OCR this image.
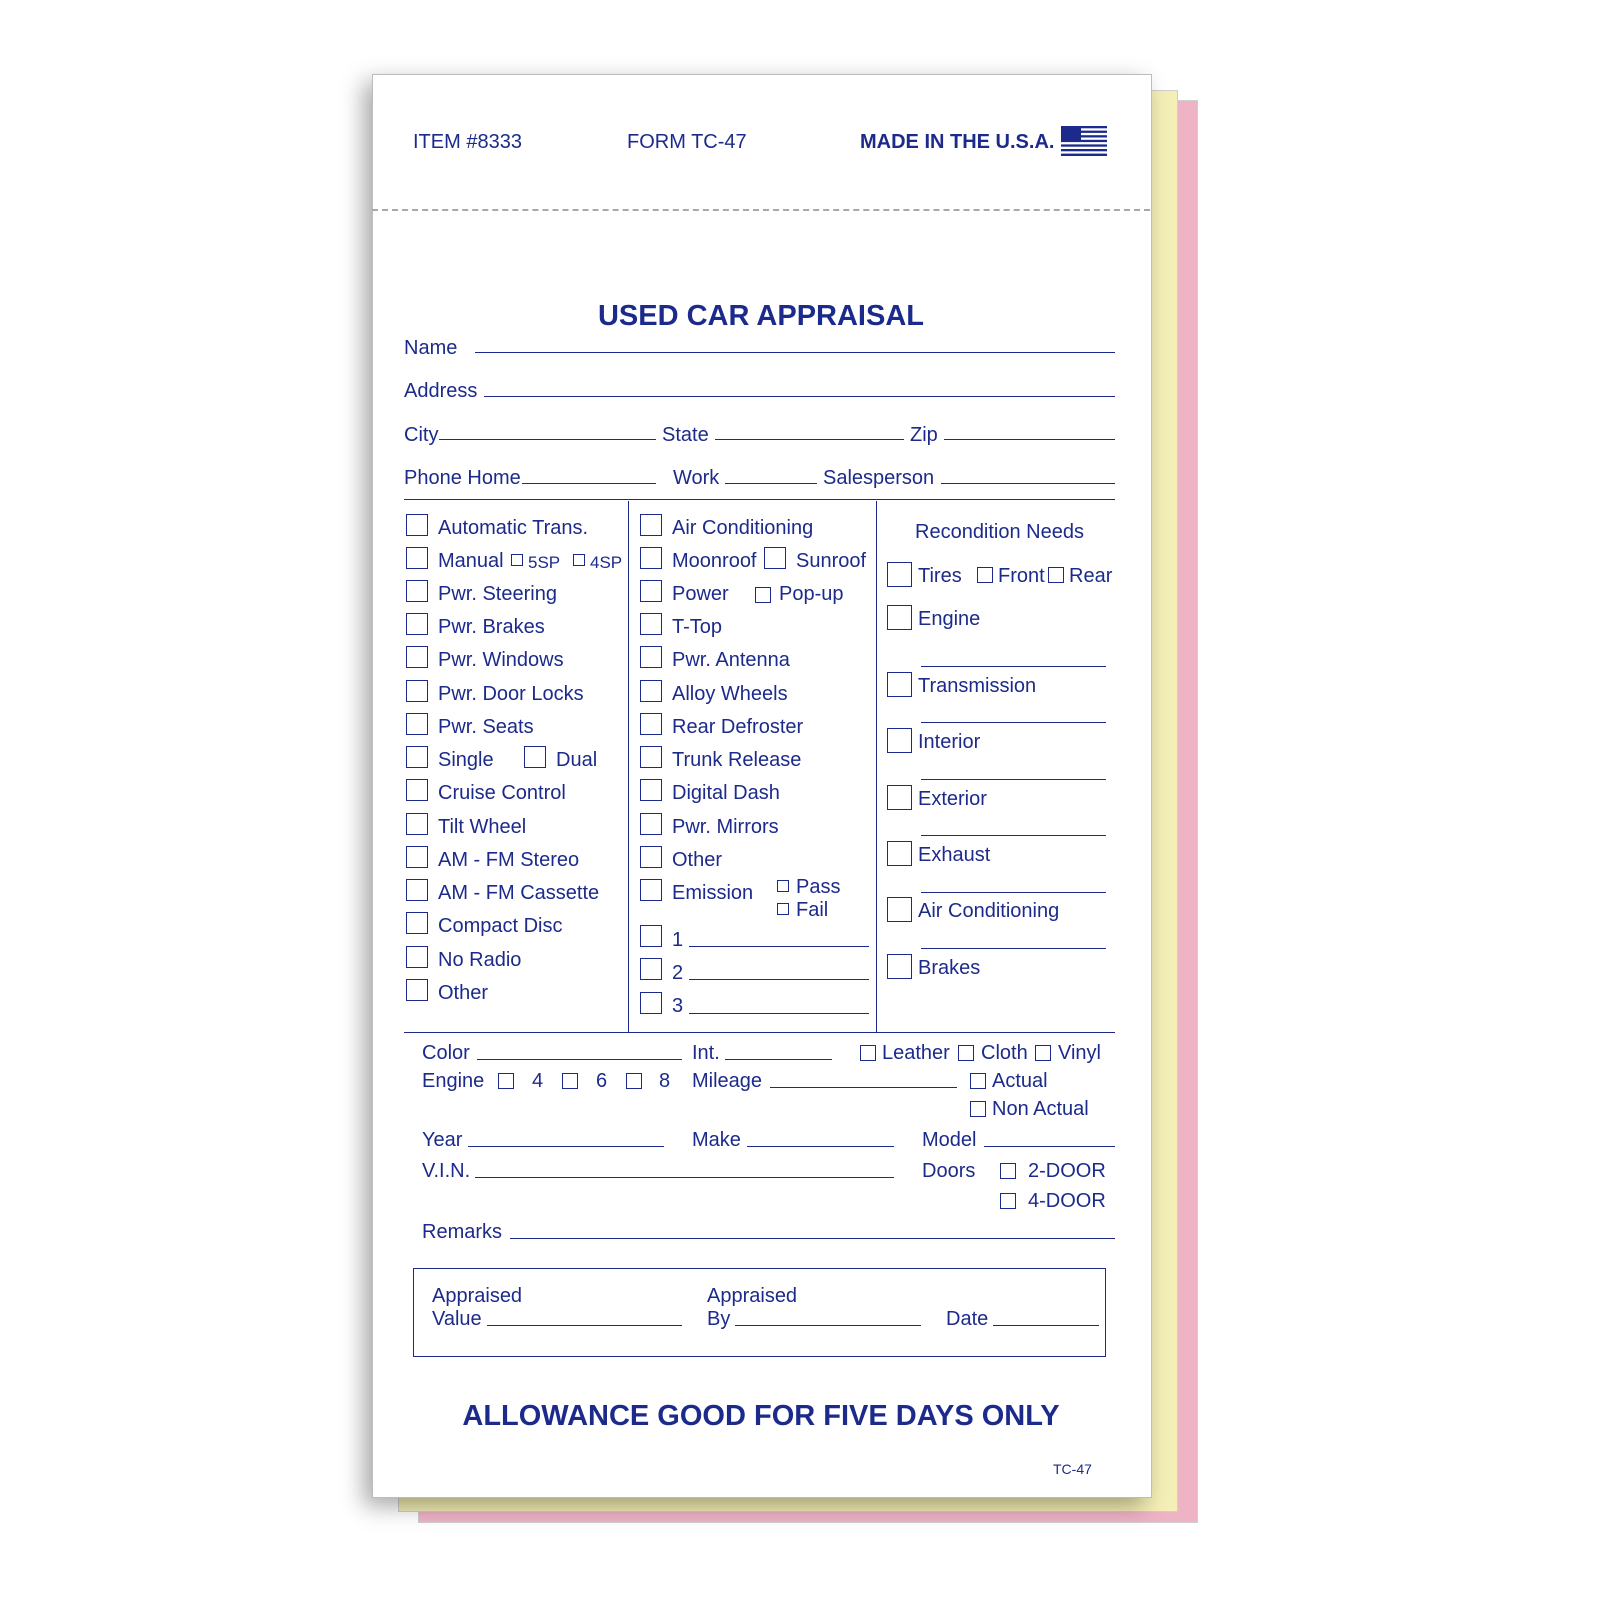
ITEM #8333	FORM TC-47	MADE IN THE U.S.A.
USED CAR APPRAISAL
Name
Address
City	State	Zip
Phone Home	Work	Salesperson
Automatic Trans.
Manual 5SP 4SP
Pwr. Steering
Pwr. Brakes
Pwr. Windows
Pwr. Door Locks
Pwr. Seats
Single	Dual
Cruise Control
Tilt Wheel
AM - FM Stereo
AM - FM Cassette
Compact Disc
No Radio
Other
Air Conditioning
Moonroof Sunroof
Power	Pop-up
T-Top
Pwr. Antenna
Alloy Wheels
Rear Defroster
Trunk Release
Digital Dash
Pwr. Mirrors
Other
Emission Pass
Fail
1
2
3
Recondition Needs
Tires Front Rear
Engine
Transmission
Interior
Exterior
Exhaust
Air Conditioning
Brakes
Color	Int.	Leather Cloth Vinyl
Engine 4	6	8 Mileage	Actual
Non Actual
Year	Make	Model
V.I.N.	Doors	2-DOOR
4-DOOR
Remarks
Appraised
Value
Appraised
By	Date
ALLOWANCE GOOD FOR FIVE DAYS ONLY
TC-47
